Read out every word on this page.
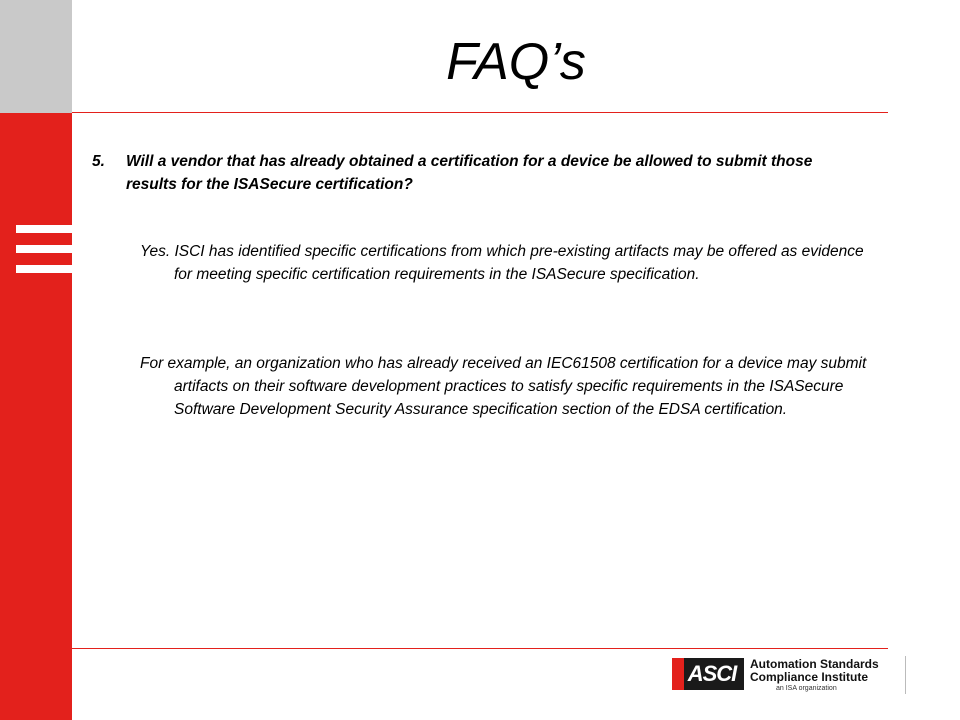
FAQ’s
5. Will a vendor that has already obtained a certification for a device be allowed to submit those results for the ISASecure certification?
Yes. ISCI has identified specific certifications from which pre-existing artifacts may be offered as evidence for meeting specific certification requirements in the ISASecure specification.
For example, an organization who has already received an IEC61508 certification for a device may submit artifacts on their software development practices to satisfy specific requirements in the ISASecure Software Development Security Assurance specification section of the EDSA certification.
ASCI Automation Standards
Compliance Institute
an ISA organization
